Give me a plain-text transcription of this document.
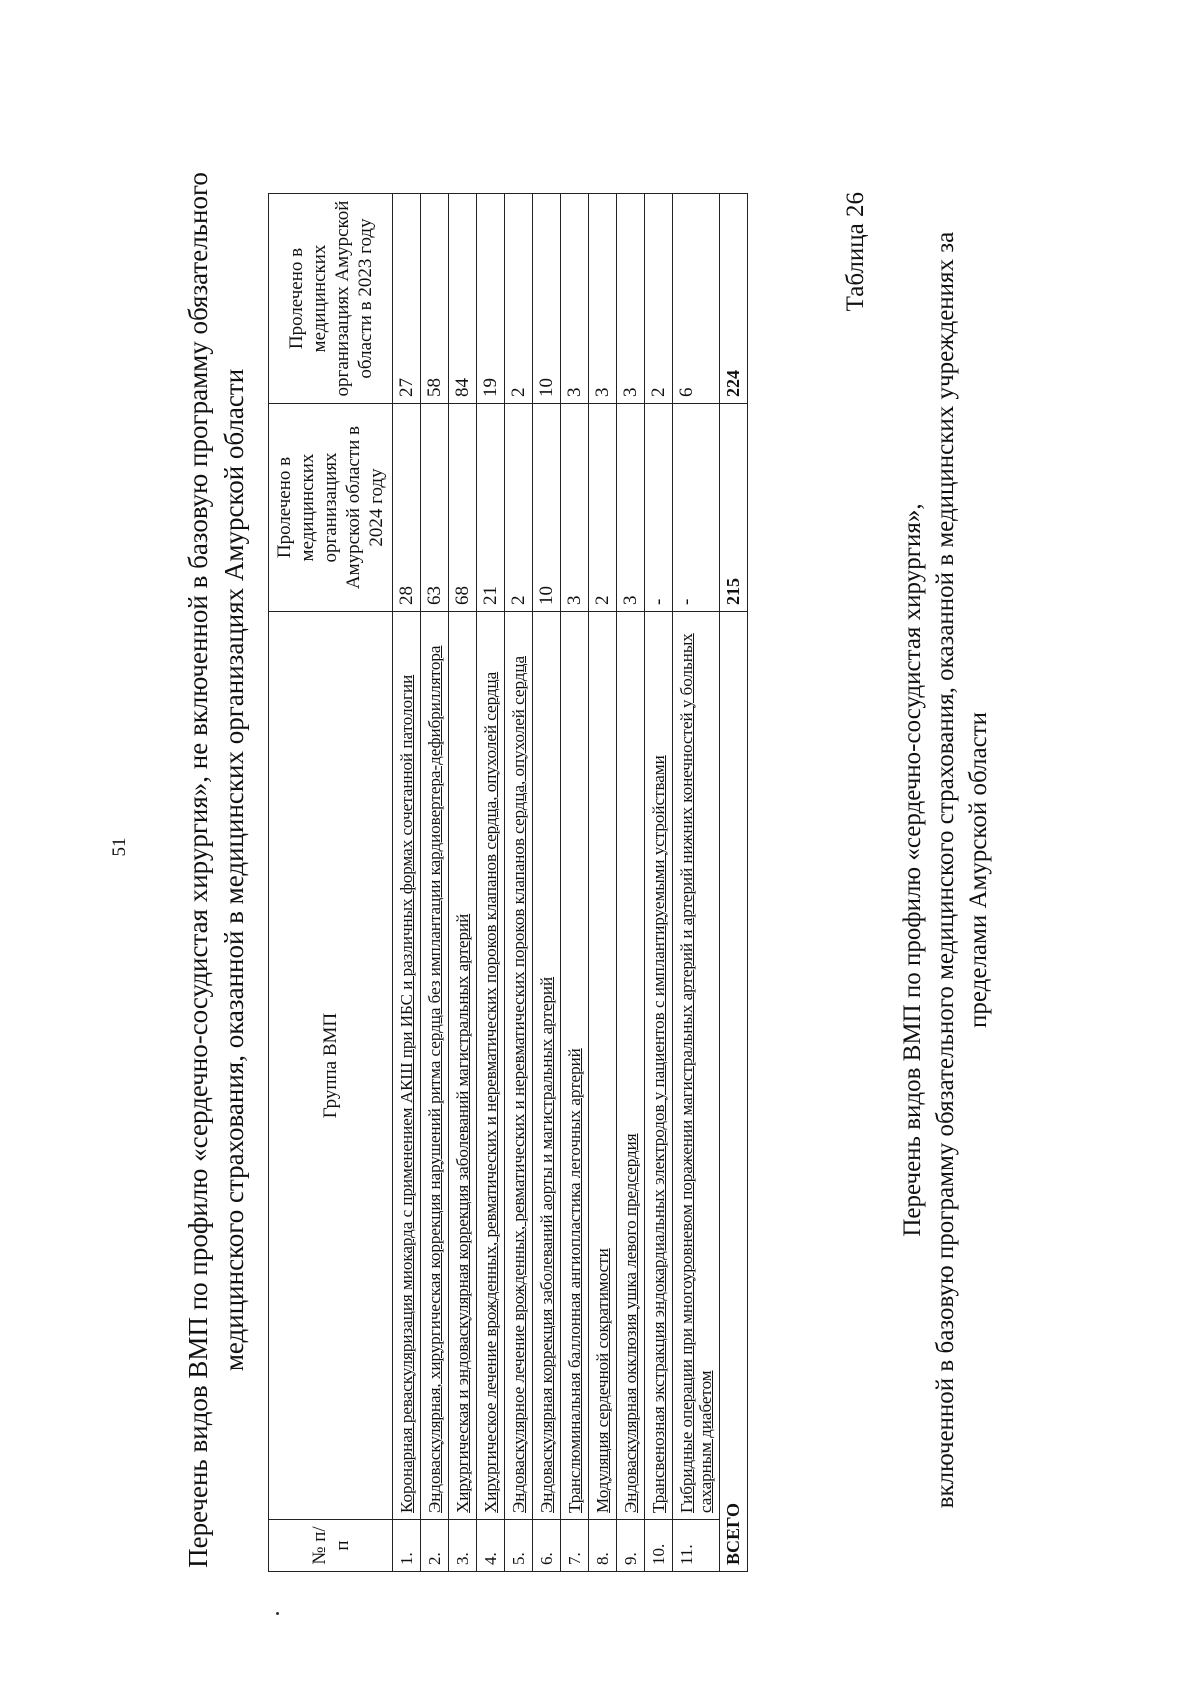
51 Перечень видов ВМП по профилю «сердечно-сосудистая хирургия», не включенной в базовую программу обязательного медицинского страхования, оказанной в медицинских организациях Амурской области
№ п/п	Группа ВМП	Пролечено в медицинских организациях Амурской области в 2024 году	Пролечено в медицинских организациях Амурской области в 2023 году
1.	Коронарная реваскуляризация миокарда с применением АКШ при ИБС и различных формах сочетанной патологии	28	27
2.	Эндоваскулярная, хирургическая коррекция нарушений ритма сердца без имплантации кардиовертера-дефибриллятора	63	58
3.	Хирургическая и эндоваскулярная коррекция заболеваний магистральных артерий	68	84
4.	Хирургическое лечение врожденных, ревматических и неревматических пороков клапанов сердца, опухолей сердца	21	19
5.	Эндоваскулярное лечение врожденных, ревматических и неревматических пороков клапанов сердца, опухолей сердца	2	2
6.	Эндоваскулярная коррекция заболеваний аорты и магистральных артерий	10	10
7.	Транслюминальная баллонная ангиопластика легочных артерий	3	3
8.	Модуляция сердечной сократимости	2	3
9.	Эндоваскулярная окклюзия ушка левого предсердия	3	3
10.	Трансвенозная экстракция эндокардиальных электродов у пациентов с имплантируемыми устройствами	-	2
11.	Гибридные операции при многоуровневом поражении магистральных артерий и артерий нижних конечностей у больных сахарным диабетом	-	6
ВСЕГО		215	224
Таблица 26
Перечень видов ВМП по профилю «сердечно-сосудистая хирургия», включенной в базовую программу обязательного медицинского страхования, оказанной в медицинских учреждениях за пределами Амурской области
